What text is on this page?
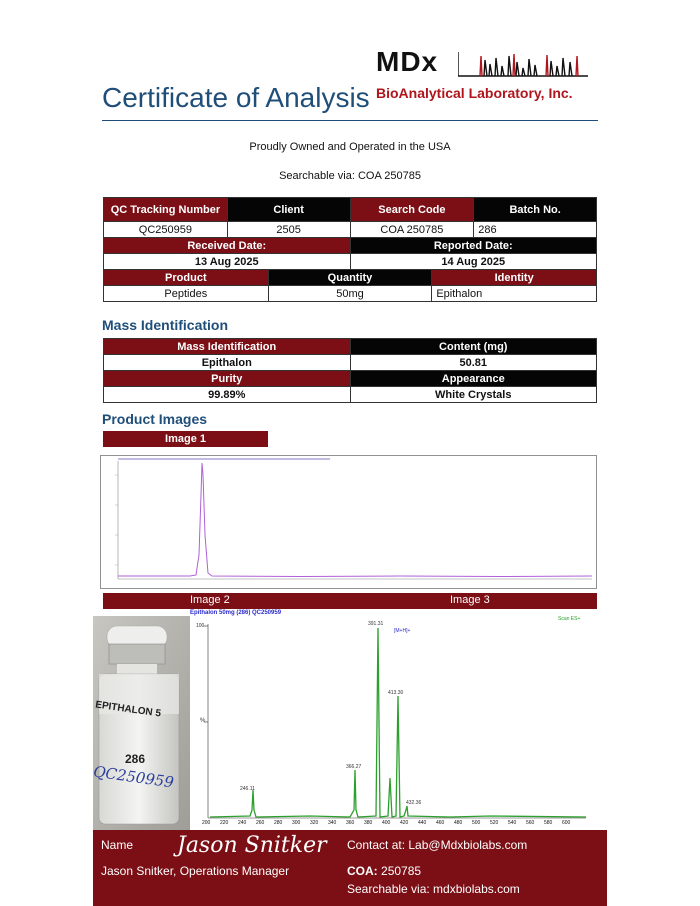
Certificate of Analysis
MDx
BioAnalytical Laboratory, Inc.
Proudly Owned and Operated in the USA
Searchable via: COA 250785
QC Tracking Number	Client	Search Code	Batch No.
QC250959	2505	COA 250785	286
Received Date:	Reported Date:
13 Aug 2025	14 Aug 2025
Product	Quantity	Identity
Peptides	50mg	Epithalon
Mass Identification
Mass Identification	Content (mg)
Epithalon	50.81
Purity	Appearance
99.89%	White Crystals
Product Images
Image 1
Image 2	Image 3
EPITHALON 5
286
QC250959
Epithalon 50mg (286) QC250959
Scan ES+
[M+H]+
100
%
246.11
366.27
391.31
413.30
432.36
200 220 240 260 280 300 320 340 360 380 400 420 440 460 480 500 520 540 560 580 600
Name Jason Snitker
Jason Snitker, Operations Manager
Contact at: Lab@Mdxbiolabs.com
COA: 250785
Searchable via: mdxbiolabs.com
